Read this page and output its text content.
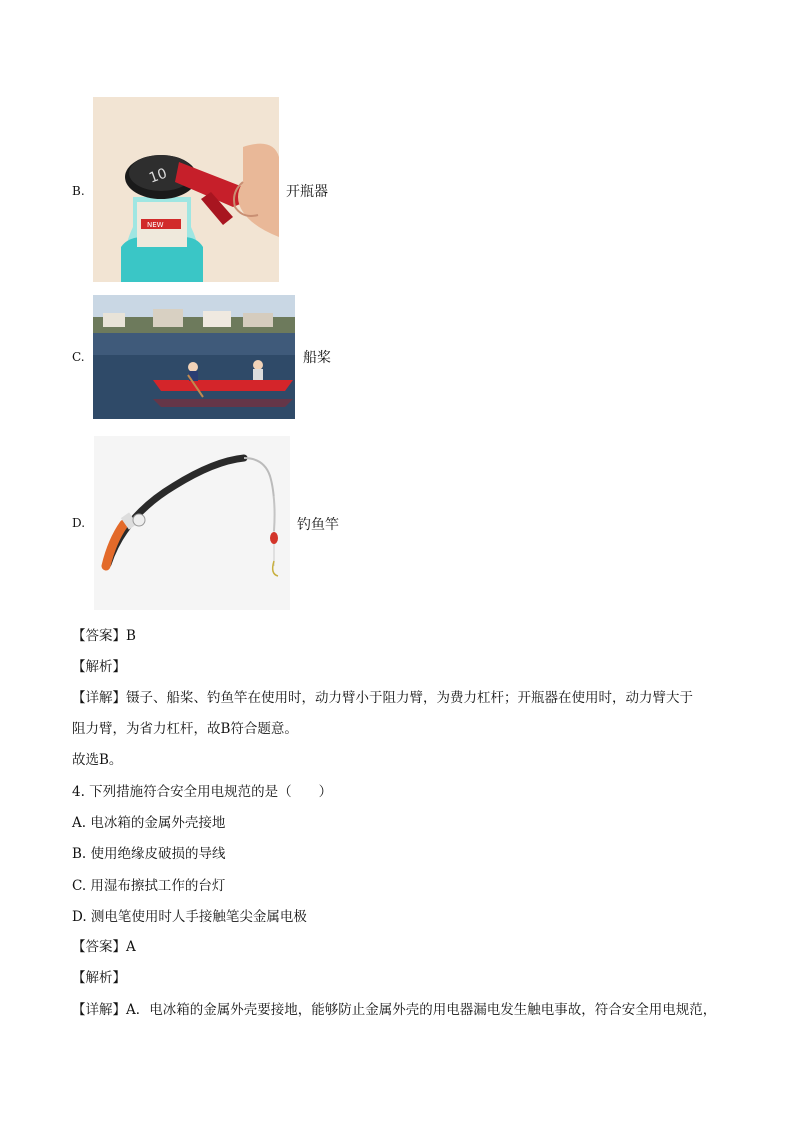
B.
NEW
10
开瓶器
C.	船桨
D.	钓鱼竿
【答案】B
【解析】
【详解】镊子、船桨、钓鱼竿在使用时，动力臂小于阻力臂，为费力杠杆；开瓶器在使用时，动力臂大于
阻力臂，为省力杠杆，故B符合题意。
故选B。
4. 下列措施符合安全用电规范的是（　　）
A. 电冰箱的金属外壳接地
B. 使用绝缘皮破损的导线
C. 用湿布擦拭工作的台灯
D. 测电笔使用时人手接触笔尖金属电极
【答案】A
【解析】
【详解】A．电冰箱的金属外壳要接地，能够防止金属外壳的用电器漏电发生触电事故，符合安全用电规范，
